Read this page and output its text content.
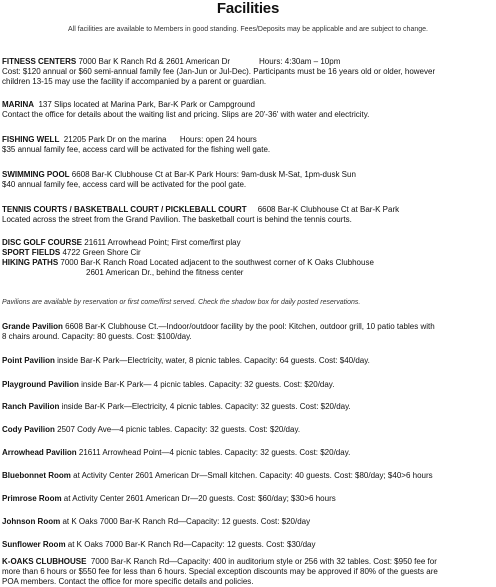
Facilities
All facilities are available to Members in good standing. Fees/Deposits may be applicable and are subject to change.
FITNESS CENTERS 7000 Bar K Ranch Rd & 2601 American Dr             Hours: 4:30am – 10pm
Cost: $120 annual or $60 semi-annual family fee (Jan-Jun or Jul-Dec). Participants must be 16 years old or older, however
children 13-15 may use the facility if accompanied by a parent or guardian.
MARINA  137 Slips located at Marina Park, Bar-K Park or Campground
Contact the office for details about the waiting list and pricing. Slips are 20'-36' with water and electricity.
FISHING WELL  21205 Park Dr on the marina      Hours: open 24 hours
$35 annual family fee, access card will be activated for the fishing well gate.
SWIMMING POOL 6608 Bar-K Clubhouse Ct at Bar-K Park Hours: 9am-dusk M-Sat, 1pm-dusk Sun
$40 annual family fee, access card will be activated for the pool gate.
TENNIS COURTS / BASKETBALL COURT / PICKLEBALL COURT     6608 Bar-K Clubhouse Ct at Bar-K Park
Located across the street from the Grand Pavilion. The basketball court is behind the tennis courts.
DISC GOLF COURSE 21611 Arrowhead Point; First come/first play
SPORT FIELDS 4722 Green Shore Cir
HIKING PATHS 7000 Bar-K Ranch Road Located adjacent to the southwest corner of K Oaks Clubhouse
2601 American Dr., behind the fitness center
Pavilions are available by reservation or first come/first served. Check the shadow box for daily posted reservations.
Grande Pavilion 6608 Bar-K Clubhouse Ct.—Indoor/outdoor facility by the pool: Kitchen, outdoor grill, 10 patio tables with
8 chairs around. Capacity: 80 guests. Cost: $100/day.
Point Pavilion inside Bar-K Park—Electricity, water, 8 picnic tables. Capacity: 64 guests. Cost: $40/day.
Playground Pavilion inside Bar-K Park— 4 picnic tables. Capacity: 32 guests. Cost: $20/day.
Ranch Pavilion inside Bar-K Park—Electricity, 4 picnic tables. Capacity: 32 guests. Cost: $20/day.
Cody Pavilion 2507 Cody Ave—4 picnic tables. Capacity: 32 guests. Cost: $20/day.
Arrowhead Pavilion 21611 Arrowhead Point—4 picnic tables. Capacity: 32 guests. Cost: $20/day.
Bluebonnet Room at Activity Center 2601 American Dr—Small kitchen. Capacity: 40 guests. Cost: $80/day; $40>6 hours
Primrose Room at Activity Center 2601 American Dr—20 guests. Cost: $60/day; $30>6 hours
Johnson Room at K Oaks 7000 Bar-K Ranch Rd—Capacity: 12 guests. Cost: $20/day
Sunflower Room at K Oaks 7000 Bar-K Ranch Rd—Capacity: 12 guests. Cost: $30/day
K-OAKS CLUBHOUSE  7000 Bar-K Ranch Rd—Capacity: 400 in auditorium style or 256 with 32 tables. Cost: $950 fee for
more than 6 hours or $550 fee for less than 6 hours. Special exception discounts may be approved if 80% of the guests are
POA members. Contact the office for more specific details and policies.
